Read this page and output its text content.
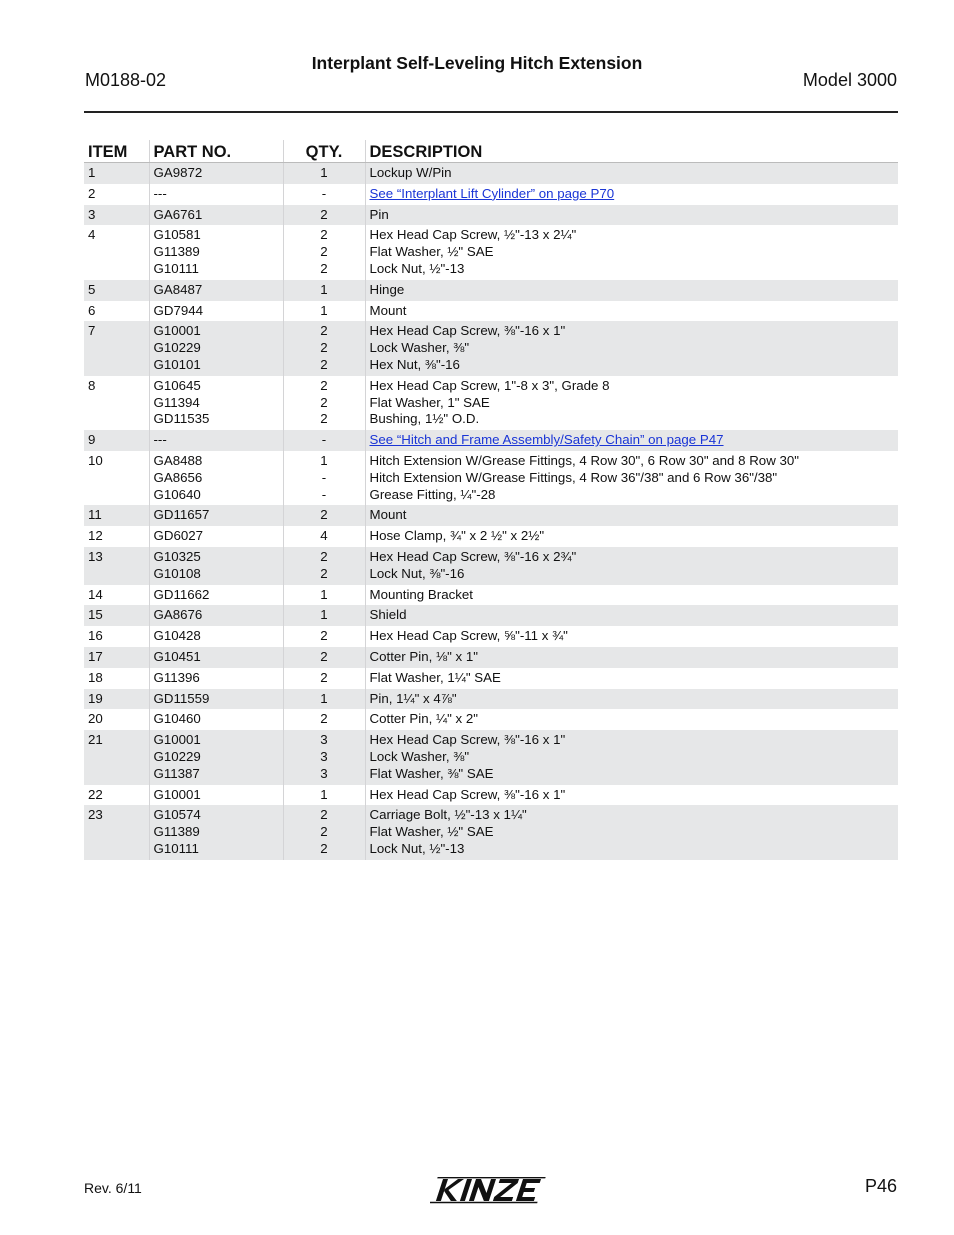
M0188-02
Interplant Self-Leveling Hitch Extension
Model 3000
ITEM	PART NO.	QTY.	DESCRIPTION

1	GA9872	1	Lockup W/Pin

2	---	-	See “Interplant Lift Cylinder” on page P70

3	GA6761	2	Pin

4	G10581
G11389
G10111	2
2
2	Hex Head Cap Screw, ½"-13 x 2¼"
Flat Washer, ½" SAE
Lock Nut, ½"-13

5	GA8487	1	Hinge

6	GD7944	1	Mount

7	G10001
G10229
G10101	2
2
2	Hex Head Cap Screw, ⅜"-16 x 1"
Lock Washer, ⅜"
Hex Nut, ⅜"-16

8	G10645
G11394
GD11535	2
2
2	Hex Head Cap Screw, 1"-8 x 3", Grade 8
Flat Washer, 1" SAE
Bushing, 1½" O.D.

9	---	-	See “Hitch and Frame Assembly/Safety Chain” on page P47

10	GA8488
GA8656
G10640	1
-
-	Hitch Extension W/Grease Fittings, 4 Row 30", 6 Row 30" and 8 Row 30"
Hitch Extension W/Grease Fittings, 4 Row 36"/38" and 6 Row 36"/38"
Grease Fitting, ¼"-28

11	GD11657	2	Mount

12	GD6027	4	Hose Clamp, ¾" x 2 ½" x 2½"

13	G10325
G10108	2
2	Hex Head Cap Screw, ⅜"-16 x 2¾"
Lock Nut, ⅜"-16

14	GD11662	1	Mounting Bracket

15	GA8676	1	Shield

16	G10428	2	Hex Head Cap Screw, ⅝"-11 x ¾"

17	G10451	2	Cotter Pin, ⅛" x 1"

18	G11396	2	Flat Washer, 1¼" SAE

19	GD11559	1	Pin, 1¼" x 4⅞"

20	G10460	2	Cotter Pin, ¼" x 2"

21	G10001
G10229
G11387	3
3
3	Hex Head Cap Screw, ⅜"-16 x 1"
Lock Washer, ⅜"
Flat Washer, ⅜" SAE

22	G10001	1	Hex Head Cap Screw, ⅜"-16 x 1"

23	G10574
G11389
G10111	2
2
2	Carriage Bolt, ½"-13 x 1¼"
Flat Washer, ½" SAE
Lock Nut, ½"-13
Rev. 6/11	P46
